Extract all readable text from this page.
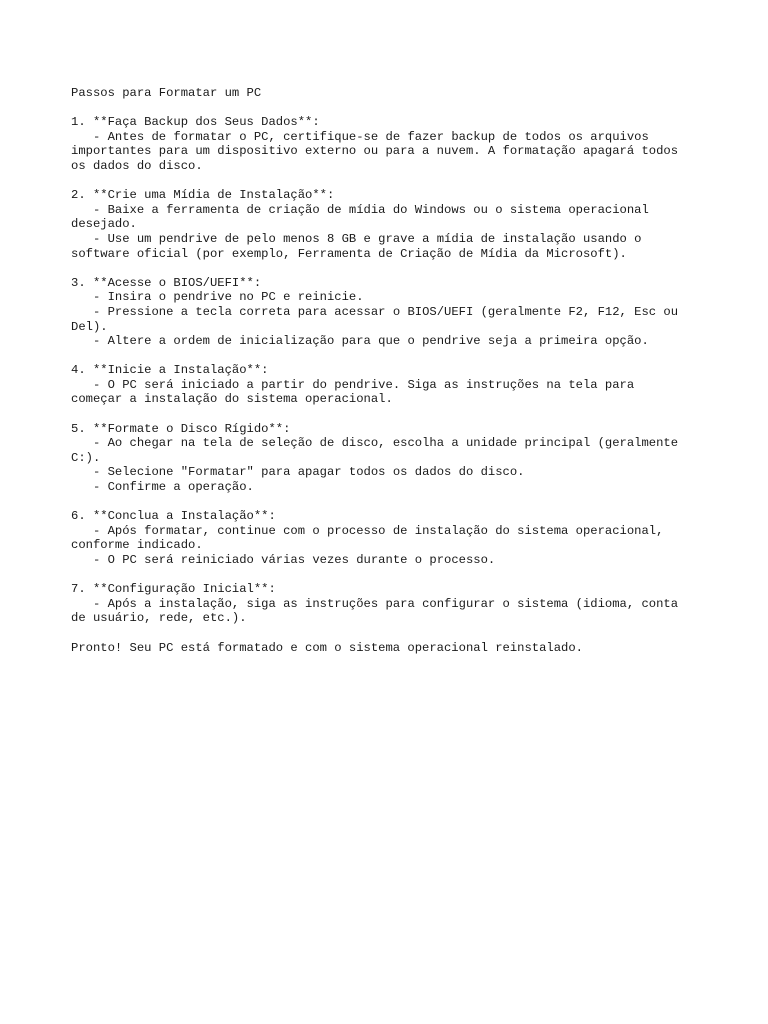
Passos para Formatar um PC
1. **Faça Backup dos Seus Dados**:
- Antes de formatar o PC, certifique-se de fazer backup de todos os arquivos
importantes para um dispositivo externo ou para a nuvem. A formatação apagará todos
os dados do disco.
2. **Crie uma Mídia de Instalação**:
- Baixe a ferramenta de criação de mídia do Windows ou o sistema operacional
desejado.
- Use um pendrive de pelo menos 8 GB e grave a mídia de instalação usando o
software oficial (por exemplo, Ferramenta de Criação de Mídia da Microsoft).
3. **Acesse o BIOS/UEFI**:
- Insira o pendrive no PC e reinicie.
- Pressione a tecla correta para acessar o BIOS/UEFI (geralmente F2, F12, Esc ou
Del).
- Altere a ordem de inicialização para que o pendrive seja a primeira opção.
4. **Inicie a Instalação**:
- O PC será iniciado a partir do pendrive. Siga as instruções na tela para
começar a instalação do sistema operacional.
5. **Formate o Disco Rígido**:
- Ao chegar na tela de seleção de disco, escolha a unidade principal (geralmente
C:).
- Selecione "Formatar" para apagar todos os dados do disco.
- Confirme a operação.
6. **Conclua a Instalação**:
- Após formatar, continue com o processo de instalação do sistema operacional,
conforme indicado.
- O PC será reiniciado várias vezes durante o processo.
7. **Configuração Inicial**:
- Após a instalação, siga as instruções para configurar o sistema (idioma, conta
de usuário, rede, etc.).
Pronto! Seu PC está formatado e com o sistema operacional reinstalado.
